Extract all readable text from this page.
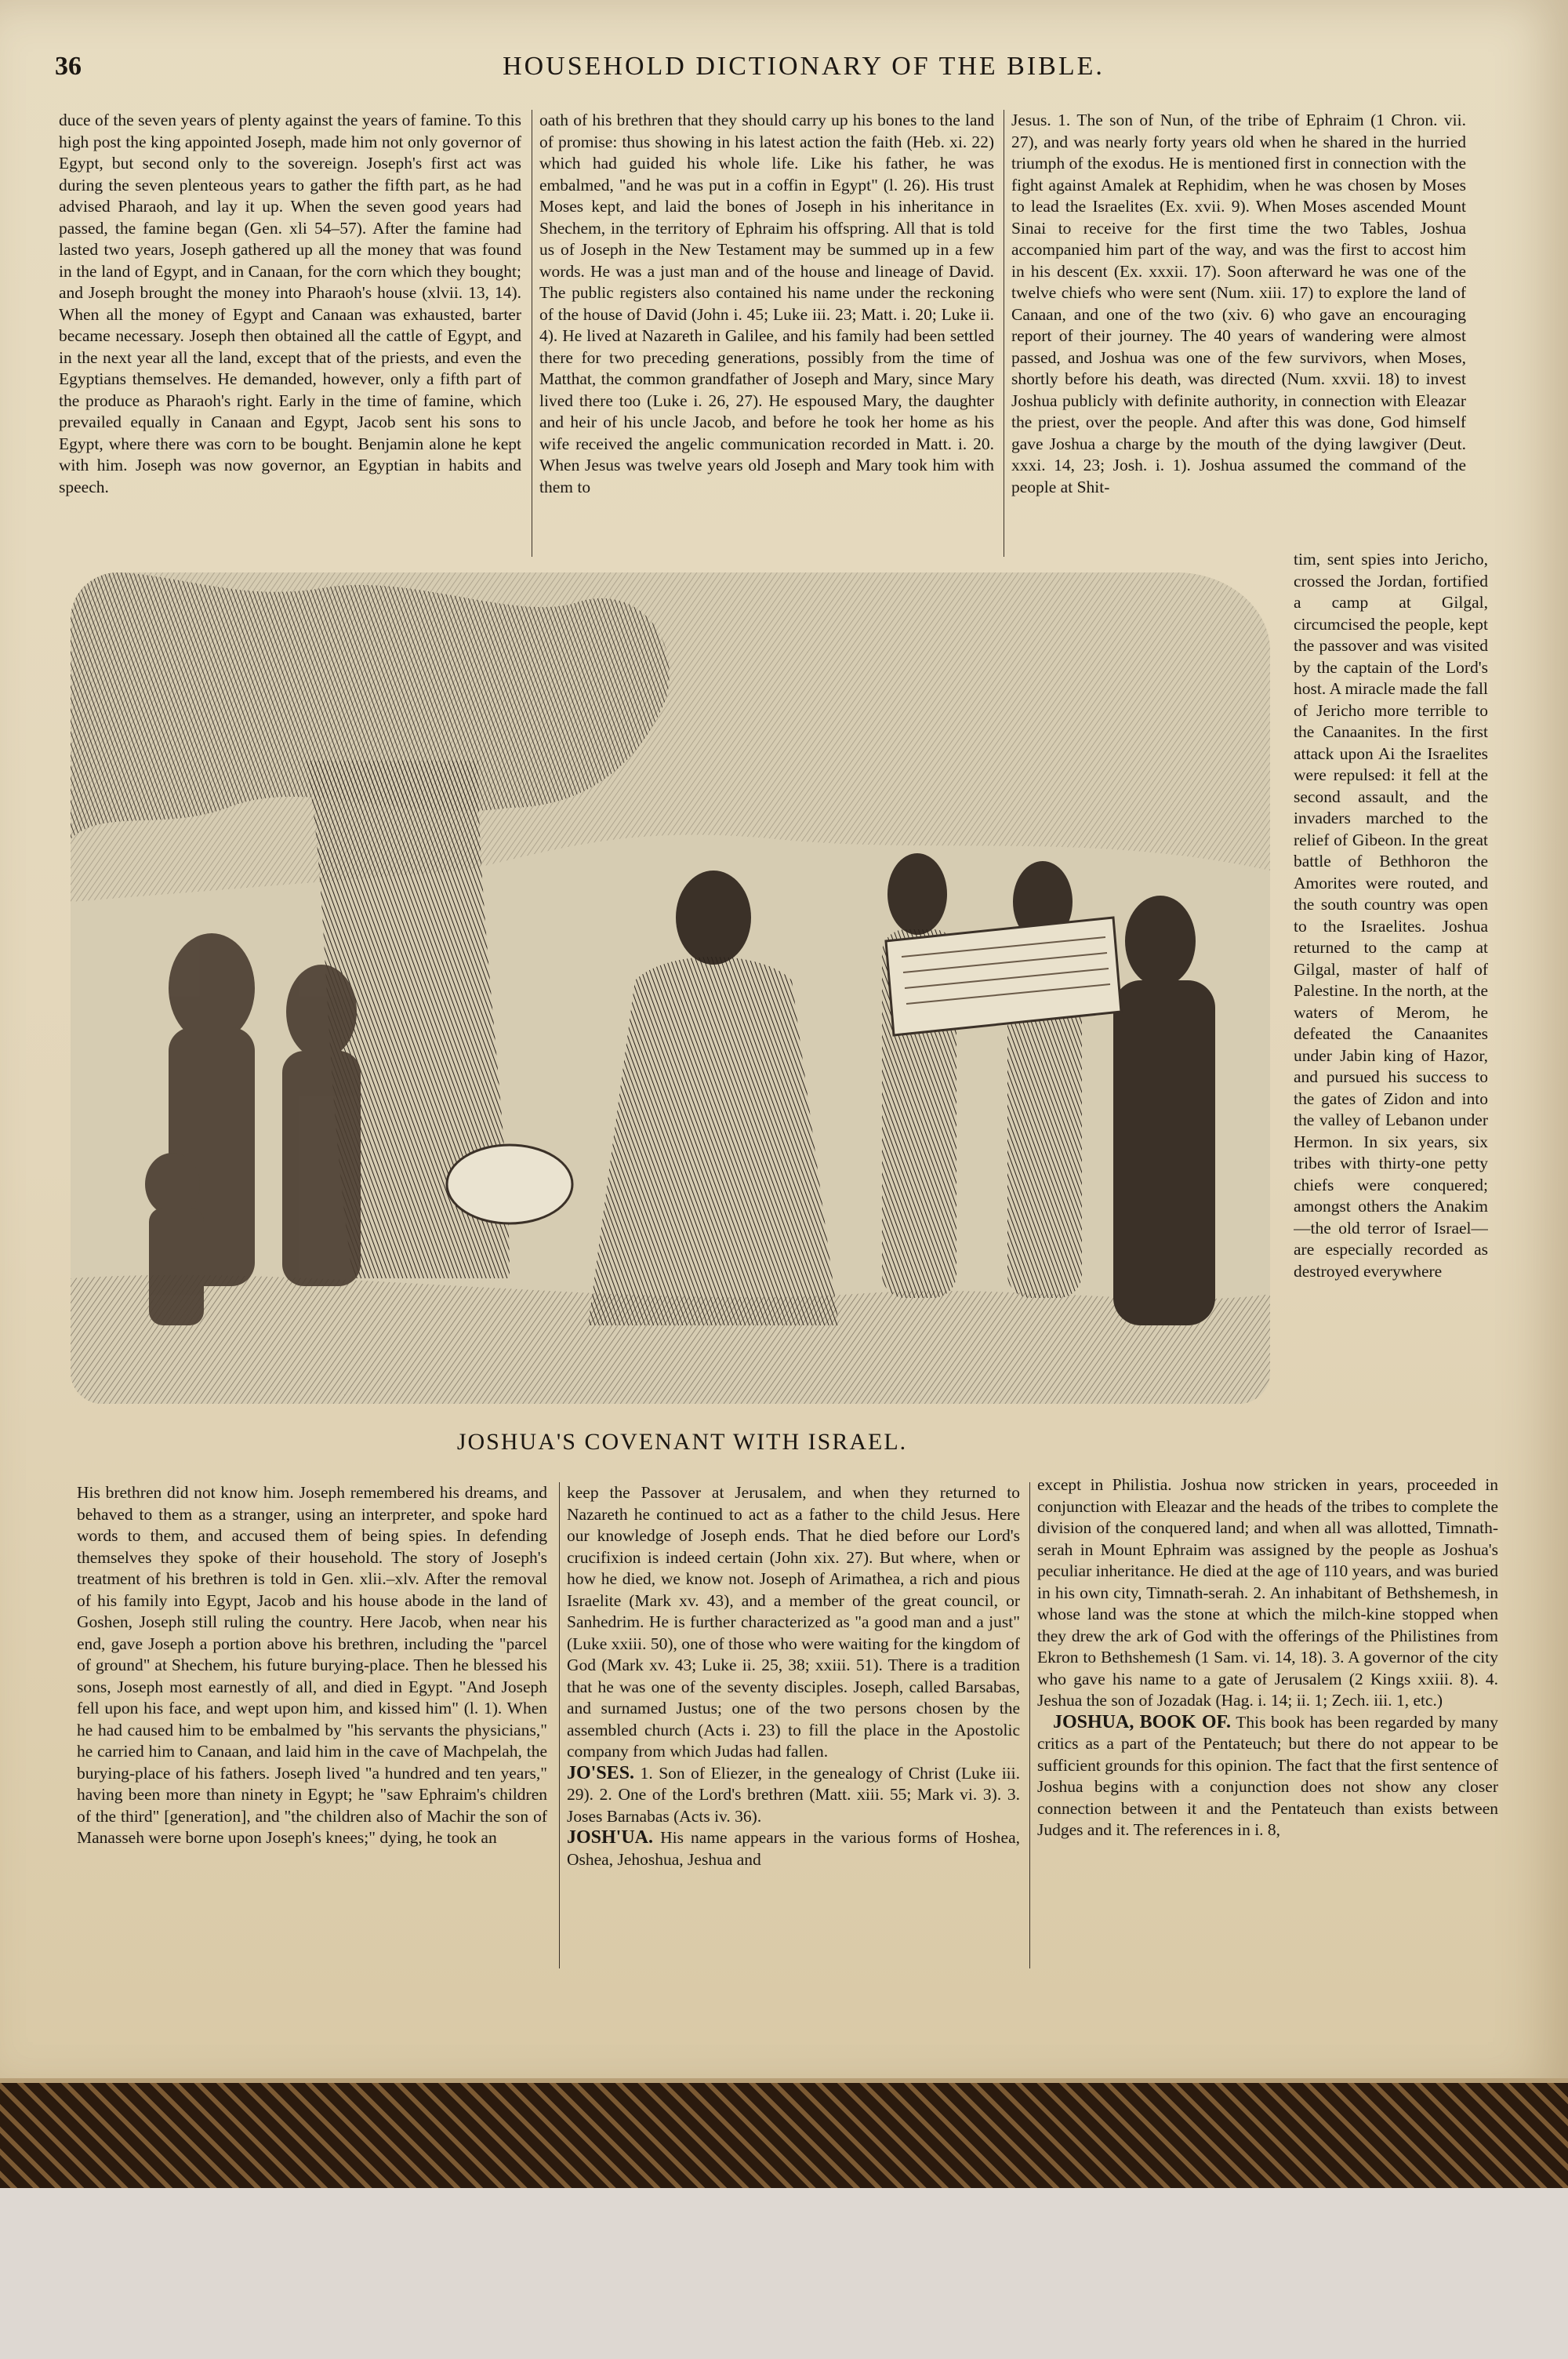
36	HOUSEHOLD DICTIONARY OF THE BIBLE.

duce of the seven years of plenty against the years of famine. To this high post the king appointed Joseph, made him not only governor of Egypt, but second only to the sovereign. Joseph's first act was during the seven plenteous years to gather the fifth part, as he had advised Pharaoh, and lay it up. When the seven good years had passed, the famine began (Gen. xli 54–57). After the famine had lasted two years, Joseph gathered up all the money that was found in the land of Egypt, and in Canaan, for the corn which they bought; and Joseph brought the money into Pharaoh's house (xlvii. 13, 14). When all the money of Egypt and Canaan was exhausted, barter became necessary. Joseph then obtained all the cattle of Egypt, and in the next year all the land, except that of the priests, and even the Egyptians themselves. He demanded, however, only a fifth part of the produce as Pharaoh's right. Early in the time of famine, which prevailed equally in Canaan and Egypt, Jacob sent his sons to Egypt, where there was corn to be bought. Benjamin alone he kept with him. Joseph was now governor, an Egyptian in habits and speech.

oath of his brethren that they should carry up his bones to the land of promise: thus showing in his latest action the faith (Heb. xi. 22) which had guided his whole life. Like his father, he was embalmed, "and he was put in a coffin in Egypt" (l. 26). His trust Moses kept, and laid the bones of Joseph in his inheritance in Shechem, in the territory of Ephraim his offspring. All that is told us of Joseph in the New Testament may be summed up in a few words. He was a just man and of the house and lineage of David. The public registers also contained his name under the reckoning of the house of David (John i. 45; Luke iii. 23; Matt. i. 20; Luke ii. 4). He lived at Nazareth in Galilee, and his family had been settled there for two preceding generations, possibly from the time of Matthat, the common grandfather of Joseph and Mary, since Mary lived there too (Luke i. 26, 27). He espoused Mary, the daughter and heir of his uncle Jacob, and before he took her home as his wife received the angelic communication recorded in Matt. i. 20. When Jesus was twelve years old Joseph and Mary took him with them to

Jesus. 1. The son of Nun, of the tribe of Ephraim (1 Chron. vii. 27), and was nearly forty years old when he shared in the hurried triumph of the exodus. He is mentioned first in connection with the fight against Amalek at Rephidim, when he was chosen by Moses to lead the Israelites (Ex. xvii. 9). When Moses ascended Mount Sinai to receive for the first time the two Tables, Joshua accompanied him part of the way, and was the first to accost him in his descent (Ex. xxxii. 17). Soon afterward he was one of the twelve chiefs who were sent (Num. xiii. 17) to explore the land of Canaan, and one of the two (xiv. 6) who gave an encouraging report of their journey. The 40 years of wandering were almost passed, and Joshua was one of the few survivors, when Moses, shortly before his death, was directed (Num. xxvii. 18) to invest Joshua publicly with definite authority, in connection with Eleazar the priest, over the people. And after this was done, God himself gave Joshua a charge by the mouth of the dying lawgiver (Deut. xxxi. 14, 23; Josh. i. 1). Joshua assumed the command of the people at Shit-

tim, sent spies into Jericho, crossed the Jordan, fortified a camp at Gilgal, circumcised the people, kept the passover and was visited by the captain of the Lord's host. A miracle made the fall of Jericho more terrible to the Canaanites. In the first attack upon Ai the Israelites were repulsed: it fell at the second assault, and the invaders marched to the relief of Gibeon. In the great battle of Bethhoron the Amorites were routed, and the south country was open to the Israelites. Joshua returned to the camp at Gilgal, master of half of Palestine. In the north, at the waters of Merom, he defeated the Canaanites under Jabin king of Hazor, and pursued his success to the gates of Zidon and into the valley of Lebanon under Hermon. In six years, six tribes with thirty-one petty chiefs were conquered; amongst others the Anakim—the old terror of Israel—are especially recorded as destroyed everywhere

JOSHUA'S COVENANT WITH ISRAEL.

His brethren did not know him. Joseph remembered his dreams, and behaved to them as a stranger, using an interpreter, and spoke hard words to them, and accused them of being spies. In defending themselves they spoke of their household. The story of Joseph's treatment of his brethren is told in Gen. xlii.–xlv. After the removal of his family into Egypt, Jacob and his house abode in the land of Goshen, Joseph still ruling the country. Here Jacob, when near his end, gave Joseph a portion above his brethren, including the "parcel of ground" at Shechem, his future burying-place. Then he blessed his sons, Joseph most earnestly of all, and died in Egypt. "And Joseph fell upon his face, and wept upon him, and kissed him" (l. 1). When he had caused him to be embalmed by "his servants the physicians," he carried him to Canaan, and laid him in the cave of Machpelah, the burying-place of his fathers. Joseph lived "a hundred and ten years," having been more than ninety in Egypt; he "saw Ephraim's children of the third" [generation], and "the children also of Machir the son of Manasseh were borne upon Joseph's knees;" dying, he took an

keep the Passover at Jerusalem, and when they returned to Nazareth he continued to act as a father to the child Jesus. Here our knowledge of Joseph ends. That he died before our Lord's crucifixion is indeed certain (John xix. 27). But where, when or how he died, we know not. Joseph of Arimathea, a rich and pious Israelite (Mark xv. 43), and a member of the great council, or Sanhedrim. He is further characterized as "a good man and a just" (Luke xxiii. 50), one of those who were waiting for the kingdom of God (Mark xv. 43; Luke ii. 25, 38; xxiii. 51). There is a tradition that he was one of the seventy disciples. Joseph, called Barsabas, and surnamed Justus; one of the two persons chosen by the assembled church (Acts i. 23) to fill the place in the Apostolic company from which Judas had fallen.

JO'SES. 1. Son of Eliezer, in the genealogy of Christ (Luke iii. 29). 2. One of the Lord's brethren (Matt. xiii. 55; Mark vi. 3). 3. Joses Barnabas (Acts iv. 36).

JOSH'UA. His name appears in the various forms of Hoshea, Oshea, Jehoshua, Jeshua and

except in Philistia. Joshua now stricken in years, proceeded in conjunction with Eleazar and the heads of the tribes to complete the division of the conquered land; and when all was allotted, Timnath-serah in Mount Ephraim was assigned by the people as Joshua's peculiar inheritance. He died at the age of 110 years, and was buried in his own city, Timnath-serah. 2. An inhabitant of Bethshemesh, in whose land was the stone at which the milch-kine stopped when they drew the ark of God with the offerings of the Philistines from Ekron to Bethshemesh (1 Sam. vi. 14, 18). 3. A governor of the city who gave his name to a gate of Jerusalem (2 Kings xxiii. 8). 4. Jeshua the son of Jozadak (Hag. i. 14; ii. 1; Zech. iii. 1, etc.)

JOSHUA, BOOK OF. This book has been regarded by many critics as a part of the Pentateuch; but there do not appear to be sufficient grounds for this opinion. The fact that the first sentence of Joshua begins with a conjunction does not show any closer connection between it and the Pentateuch than exists between Judges and it. The references in i. 8,
